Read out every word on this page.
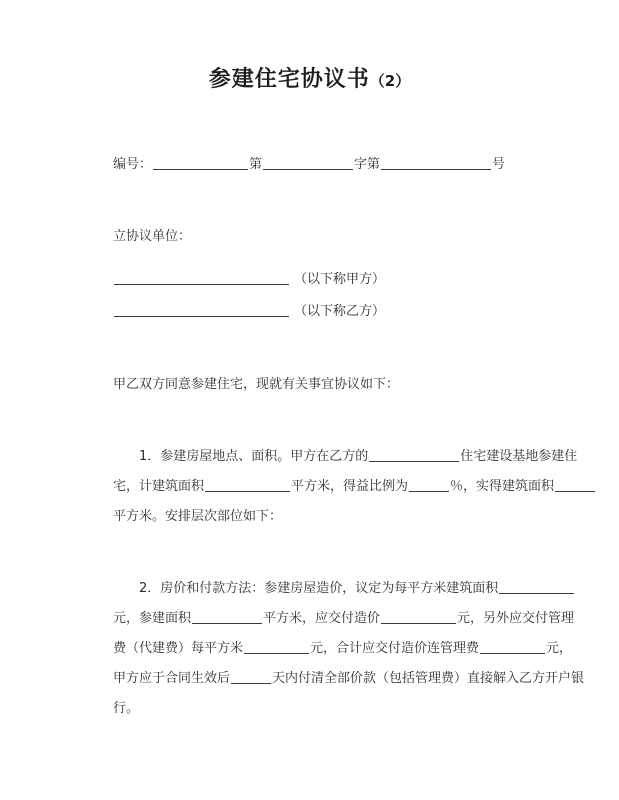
参建住宅协议书（2）
编号：	第	字第	号
立协议单位：
（以下称甲方）
（以下称乙方）
甲乙双方同意参建住宅，现就有关事宜协议如下：
1．参建房屋地点、面积。甲方在乙方的	住宅建设基地参建住
宅，计建筑面积	平方米，得益比例为	％，实得建筑面积
平方米。安排层次部位如下：
2．房价和付款方法：参建房屋造价，议定为每平方米建筑面积
元，参建面积	平方米，应交付造价	元，另外应交付管理
费（代建费）每平方米	元，合计应交付造价连管理费	元，
甲方应于合同生效后	天内付清全部价款（包括管理费）直接解入乙方开户银
行。
